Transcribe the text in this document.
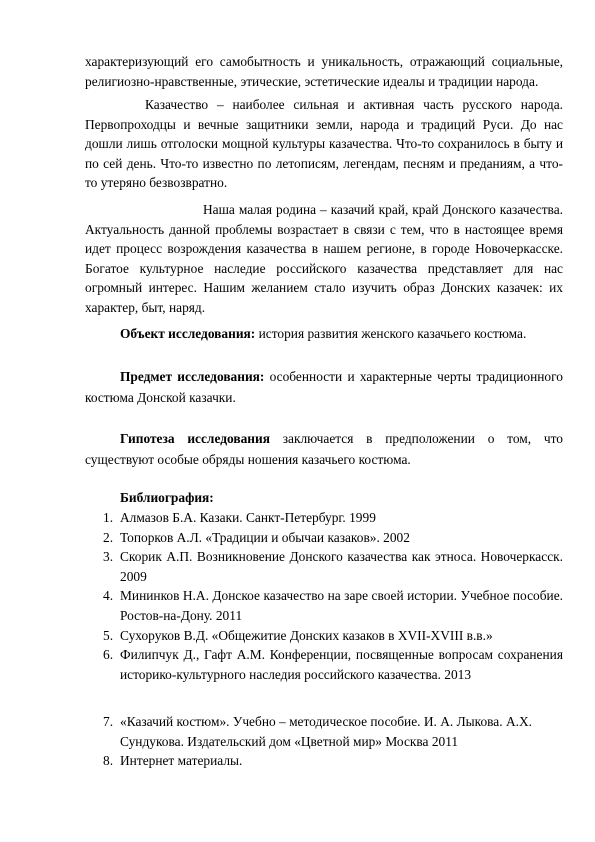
характеризующий его самобытность и уникальность, отражающий социальные, религиозно-нравственные, этические, эстетические идеалы и традиции народа.
Казачество – наиболее сильная и активная часть русского народа. Первопроходцы и вечные защитники земли, народа и традиций Руси. До нас дошли лишь отголоски мощной культуры казачества. Что-то сохранилось в быту и по сей день. Что-то известно по летописям, легендам, песням и преданиям, а что-то утеряно безвозвратно.
Наша малая родина – казачий край, край Донского казачества. Актуальность данной проблемы возрастает в связи с тем, что в настоящее время идет процесс возрождения казачества в нашем регионе, в городе Новочеркасске. Богатое культурное наследие российского казачества представляет для нас огромный интерес. Нашим желанием стало изучить образ Донских казачек: их характер, быт, наряд.
Объект исследования: история развития женского казачьего костюма.
Предмет исследования: особенности и характерные черты традиционного костюма Донской казачки.
Гипотеза исследования заключается в предположении о том, что существуют особые обряды ношения казачьего костюма.
Библиография:
1. Алмазов Б.А. Казаки. Санкт-Петербург. 1999
2. Топорков А.Л. «Традиции и обычаи казаков». 2002
3. Скорик А.П. Возникновение Донского казачества как этноса. Новочеркасск. 2009
4. Мининков Н.А. Донское казачество на заре своей истории. Учебное пособие. Ростов-на-Дону. 2011
5. Сухоруков В.Д. «Общежитие Донских казаков в XVII-XVIII в.в.»
6. Филипчук Д., Гафт А.М. Конференции, посвященные вопросам сохранения историко-культурного наследия российского казачества. 2013
7. «Казачий костюм». Учебно – методическое пособие. И. А. Лыкова. А.Х. Сундукова. Издательский дом «Цветной мир» Москва 2011
8. Интернет материалы.
